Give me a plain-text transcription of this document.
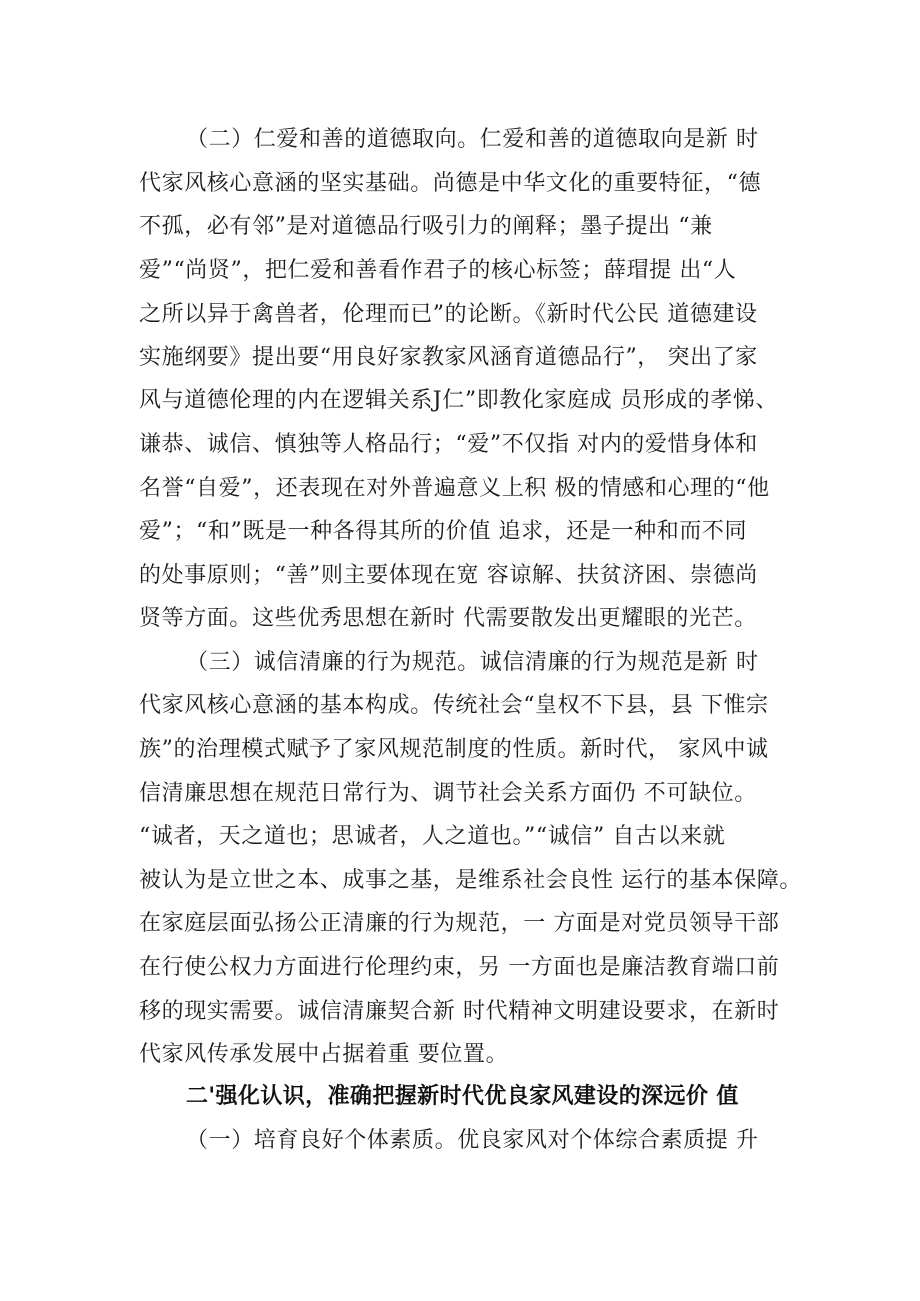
（二）仁爱和善的道德取向。仁爱和善的道德取向是新 时
代家风核心意涵的坚实基础。尚德是中华文化的重要特征，“德
不孤，必有邻”是对道德品行吸引力的阐释；墨子提出 “兼
爱”“尚贤”，把仁爱和善看作君子的核心标签；薛瑁提 出“人
之所以异于禽兽者，伦理而已”的论断。《新时代公民 道德建设
实施纲要》提出要“用良好家教家风涵育道德品行”， 突出了家
风与道德伦理的内在逻辑关系J仁”即教化家庭成 员形成的孝悌、
谦恭、诚信、慎独等人格品行；“爱”不仅指 对内的爱惜身体和
名誉“自爱”，还表现在对外普遍意义上积 极的情感和心理的“他
爱”；“和”既是一种各得其所的价值 追求，还是一种和而不同
的处事原则；“善”则主要体现在宽 容谅解、扶贫济困、崇德尚
贤等方面。这些优秀思想在新时 代需要散发出更耀眼的光芒。
（三）诚信清廉的行为规范。诚信清廉的行为规范是新 时
代家风核心意涵的基本构成。传统社会“皇权不下县，县 下惟宗
族”的治理模式赋予了家风规范制度的性质。新时代， 家风中诚
信清廉思想在规范日常行为、调节社会关系方面仍 不可缺位。
“诚者，天之道也；思诚者，人之道也。”“诚信” 自古以来就
被认为是立世之本、成事之基，是维系社会良性 运行的基本保障。
在家庭层面弘扬公正清廉的行为规范，一 方面是对党员领导干部
在行使公权力方面进行伦理约束，另 一方面也是廉洁教育端口前
移的现实需要。诚信清廉契合新 时代精神文明建设要求，在新时
代家风传承发展中占据着重 要位置。
二'强化认识，准确把握新时代优良家风建设的深远价 值
（一）培育良好个体素质。优良家风对个体综合素质提 升
